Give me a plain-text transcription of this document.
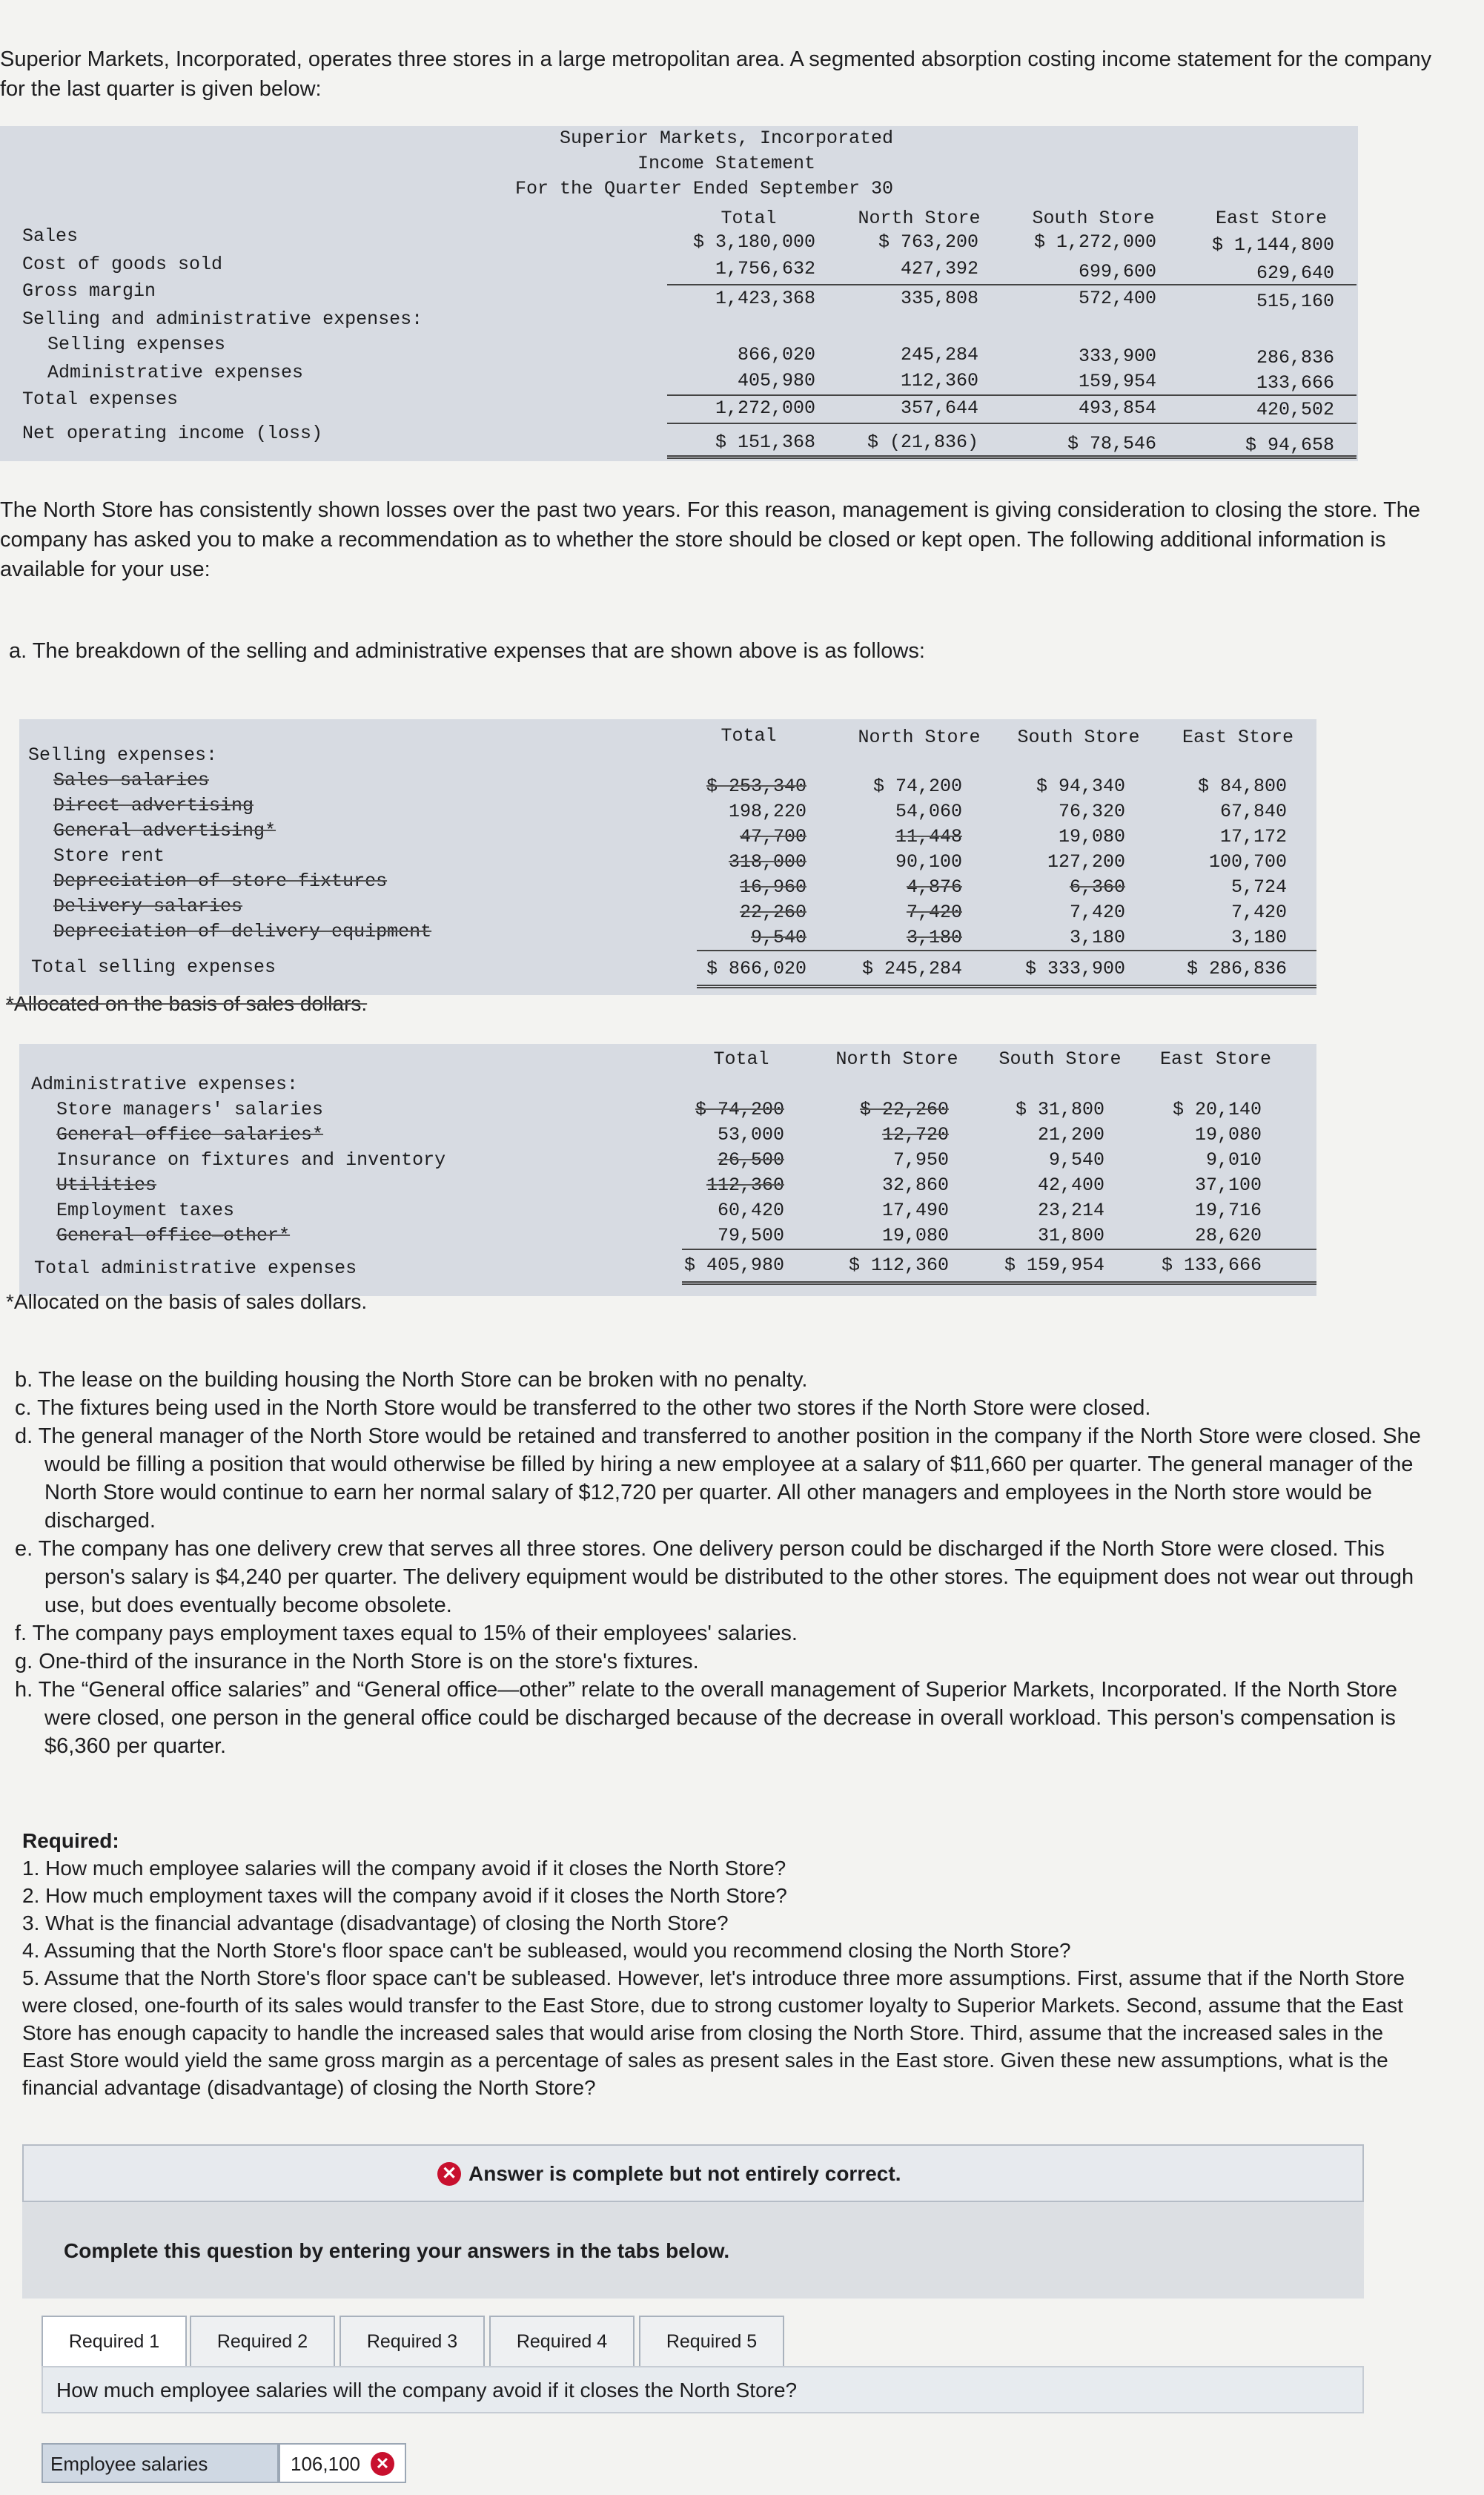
Superior Markets, Incorporated, operates three stores in a large metropolitan area. A segmented absorption costing income statement for the company for the last quarter is given below:

Superior Markets, Incorporated
Income Statement
For the Quarter Ended September 30
Total	North Store	South Store	East Store
Sales	$ 3,180,000	$ 763,200	$ 1,272,000	$ 1,144,800
Cost of goods sold	1,756,632	427,392	699,600	629,640
Gross margin	1,423,368	335,808	572,400	515,160
Selling and administrative expenses:
Selling expenses	866,020	245,284	333,900	286,836
Administrative expenses	405,980	112,360	159,954	133,666
Total expenses	1,272,000	357,644	493,854	420,502
Net operating income (loss)	$ 151,368	$ (21,836)	$ 78,546	$ 94,658

The North Store has consistently shown losses over the past two years. For this reason, management is giving consideration to closing the store. The company has asked you to make a recommendation as to whether the store should be closed or kept open. The following additional information is available for your use:

a. The breakdown of the selling and administrative expenses that are shown above is as follows:

Total	North Store	South Store	East Store
Selling expenses:
Sales salaries	$ 253,340	$ 74,200	$ 94,340	$ 84,800
Direct advertising	198,220	54,060	76,320	67,840
General advertising*	47,700	11,448	19,080	17,172
Store rent	318,000	90,100	127,200	100,700
Depreciation of store fixtures	16,960	4,876	6,360	5,724
Delivery salaries	22,260	7,420	7,420	7,420
Depreciation of delivery equipment	9,540	3,180	3,180	3,180
Total selling expenses	$ 866,020	$ 245,284	$ 333,900	$ 286,836
*Allocated on the basis of sales dollars.
Total	North Store	South Store	East Store
Administrative expenses:
Store managers' salaries	$ 74,200	$ 22,260	$ 31,800	$ 20,140
General office salaries*	53,000	12,720	21,200	19,080
Insurance on fixtures and inventory	26,500	7,950	9,540	9,010
Utilities	112,360	32,860	42,400	37,100
Employment taxes	60,420	17,490	23,214	19,716
General office—other*	79,500	19,080	31,800	28,620
Total administrative expenses	$ 405,980	$ 112,360	$ 159,954	$ 133,666
*Allocated on the basis of sales dollars.
b. The lease on the building housing the North Store can be broken with no penalty.
c. The fixtures being used in the North Store would be transferred to the other two stores if the North Store were closed.
d. The general manager of the North Store would be retained and transferred to another position in the company if the North Store were closed. She would be filling a position that would otherwise be filled by hiring a new employee at a salary of $11,660 per quarter. The general manager of the North Store would continue to earn her normal salary of $12,720 per quarter. All other managers and employees in the North store would be discharged.
e. The company has one delivery crew that serves all three stores. One delivery person could be discharged if the North Store were closed. This person's salary is $4,240 per quarter. The delivery equipment would be distributed to the other stores. The equipment does not wear out through use, but does eventually become obsolete.
f. The company pays employment taxes equal to 15% of their employees' salaries.
g. One-third of the insurance in the North Store is on the store's fixtures.
h. The “General office salaries” and “General office—other” relate to the overall management of Superior Markets, Incorporated. If the North Store were closed, one person in the general office could be discharged because of the decrease in overall workload. This person's compensation is $6,360 per quarter.
Required:
1. How much employee salaries will the company avoid if it closes the North Store?
2. How much employment taxes will the company avoid if it closes the North Store?
3. What is the financial advantage (disadvantage) of closing the North Store?
4. Assuming that the North Store's floor space can't be subleased, would you recommend closing the North Store?
5. Assume that the North Store's floor space can't be subleased. However, let's introduce three more assumptions. First, assume that if the North Store were closed, one-fourth of its sales would transfer to the East Store, due to strong customer loyalty to Superior Markets. Second, assume that the East Store has enough capacity to handle the increased sales that would arise from closing the North Store. Third, assume that the increased sales in the East Store would yield the same gross margin as a percentage of sales as present sales in the East store. Given these new assumptions, what is the financial advantage (disadvantage) of closing the North Store?
✕ Answer is complete but not entirely correct.
Complete this question by entering your answers in the tabs below.
Required 1	Required 2	Required 3	Required 4	Required 5
How much employee salaries will the company avoid if it closes the North Store?
Employee salaries	106,100 ✕
